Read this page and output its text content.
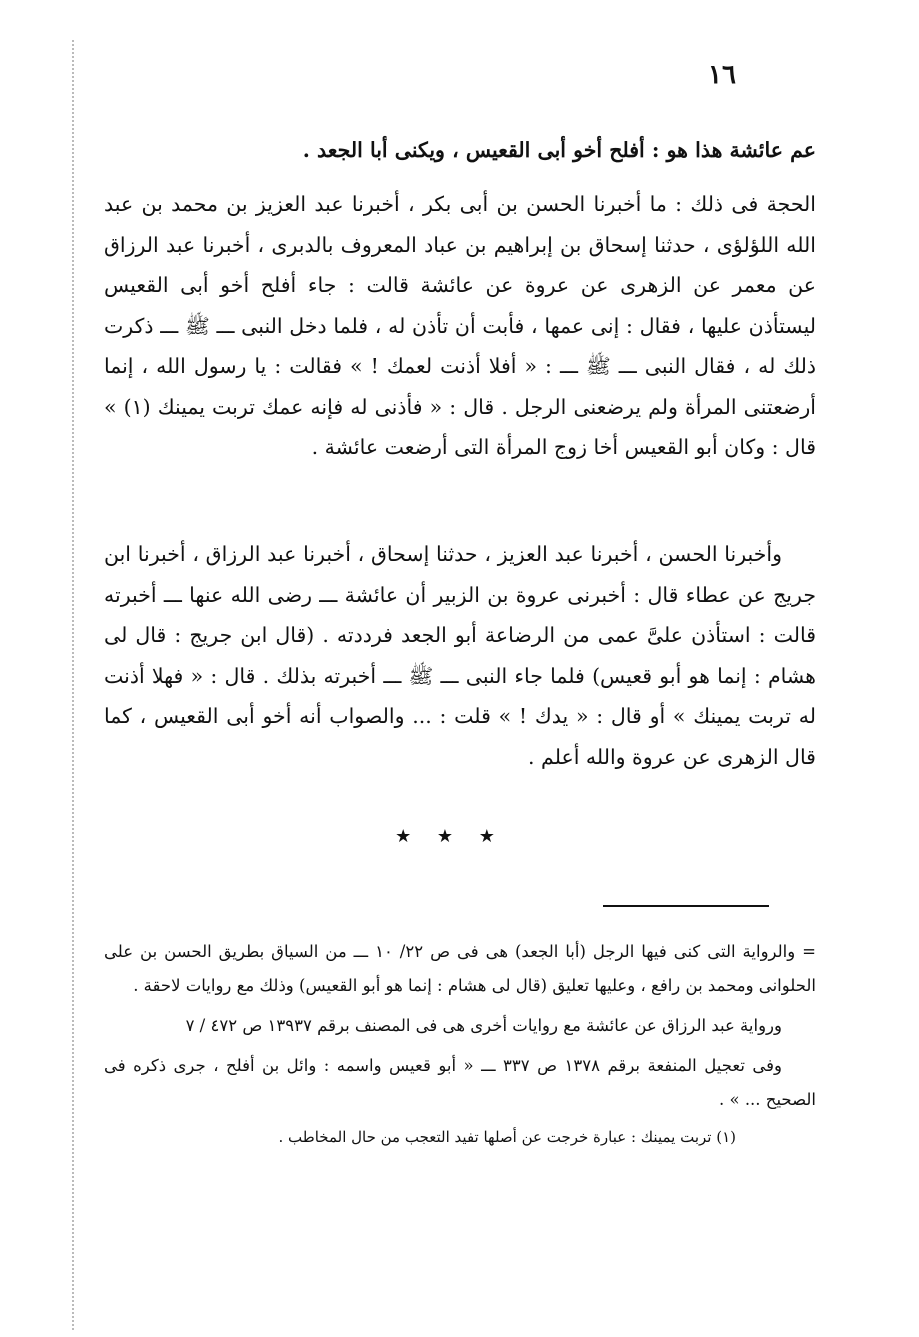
١٦

عم عائشة هذا هو : أفلح أخو أبى القعيس ، ويكنى أبا الجعد .

الحجة فى ذلك : ما أخبرنا الحسن بن أبى بكر ، أخبرنا عبد العزيز بن محمد بن عبد الله اللؤلؤى ، حدثنا إسحاق بن إبراهيم بن عباد المعروف بالدبرى ، أخبرنا عبد الرزاق عن معمر عن الزهرى عن عروة عن عائشة قالت : جاء أفلح أخو أبى القعيس ليستأذن عليها ، فقال : إنى عمها ، فأبت أن تأذن له ، فلما دخل النبى ـــ ﷺ ـــ ذكرت ذلك له ، فقال النبى ـــ ﷺ ـــ : « أفلا أذنت لعمك ! » فقالت : يا رسول الله ، إنما أرضعتنى المرأة ولم يرضعنى الرجل . قال : « فأذنى له فإنه عمك تربت يمينك (١) » قال : وكان أبو القعيس أخا زوج المرأة التى أرضعت عائشة .

وأخبرنا الحسن ، أخبرنا عبد العزيز ، حدثنا إسحاق ، أخبرنا عبد الرزاق ، أخبرنا ابن جريج عن عطاء قال : أخبرنى عروة بن الزبير أن عائشة ـــ رضى الله عنها ـــ أخبرته قالت : استأذن علىَّ عمى من الرضاعة أبو الجعد فرددته . (قال ابن جريج : قال لى هشام : إنما هو أبو قعيس) فلما جاء النبى ـــ ﷺ ـــ أخبرته بذلك . قال : « فهلا أذنت له تربت يمينك » أو قال : « يدك ! » قلت : ... والصواب أنه أخو أبى القعيس ، كما قال الزهرى عن عروة والله أعلم .

★ ★ ★

= والرواية التى كنى فيها الرجل (أبا الجعد) هى فى ص ٢٢/ ١٠ ـــ من السياق بطريق الحسن بن على الحلوانى ومحمد بن رافع ، وعليها تعليق (قال لى هشام : إنما هو أبو القعيس) وذلك مع روايات لاحقة .

ورواية عبد الرزاق عن عائشة مع روايات أخرى هى فى المصنف برقم ١٣٩٣٧ ص ٤٧٢ / ٧

وفى تعجيل المنفعة برقم ١٣٧٨ ص ٣٣٧ ـــ « أبو قعيس واسمه : وائل بن أفلح ، جرى ذكره فى الصحيح ... » .

(١) تربت يمينك : عبارة خرجت عن أصلها تفيد التعجب من حال المخاطب .
